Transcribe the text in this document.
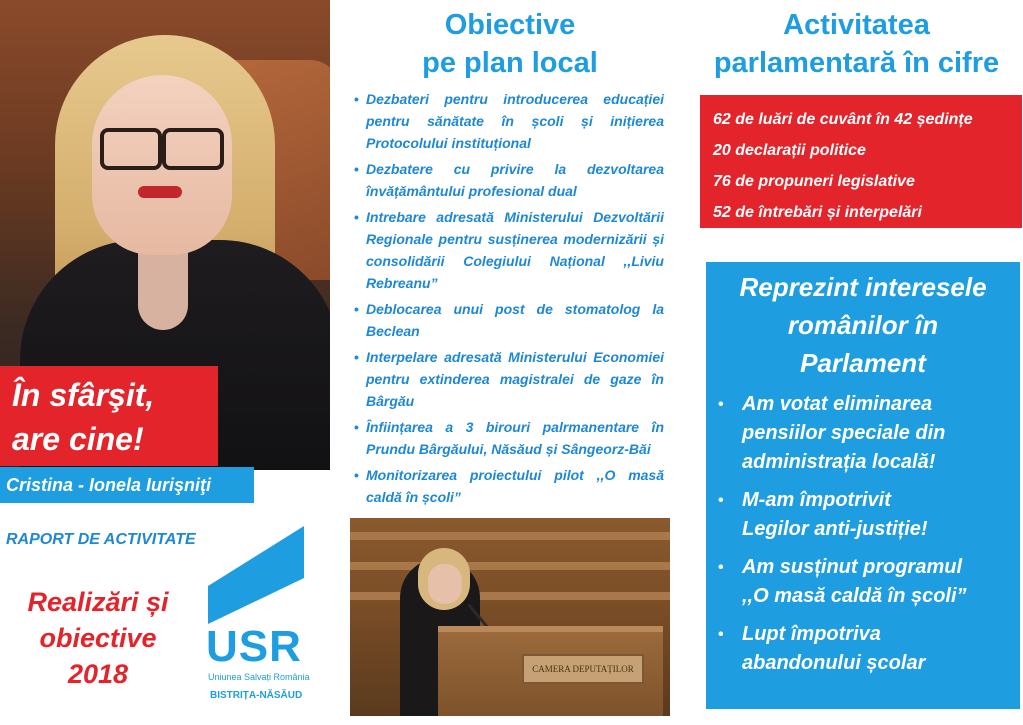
În sfârşit,
are cine!
Cristina - Ionela Iurişniţi
RAPORT DE ACTIVITATE
Realizări și
obiective
2018
USR
Uniunea Salvați România
BISTRIȚA-NĂSĂUD
Obiective
pe plan local
• Dezbateri pentru introducerea educației pentru sănătate în școli și inițierea Protocolului instituțional
• Dezbatere cu privire la dezvoltarea învățământului profesional dual
• Intrebare adresată Ministerului Dezvoltării Regionale pentru susținerea modernizării și consolidării Colegiului Național ,,Liviu Rebreanu”
• Deblocarea unui post de stomatolog la Beclean
• Interpelare adresată Ministerului Economiei pentru extinderea magistralei de gaze în Bârgău
• Înființarea a 3 birouri palrmanentare în Prundu Bârgăului, Năsăud și Sângeorz-Băi
• Monitorizarea proiectului pilot ,,O masă caldă în școli”
CAMERA DEPUTAȚILOR
Activitatea
parlamentară în cifre
62 de luări de cuvânt în 42 ședințe
20 declarații politice
76 de propuneri legislative
52 de întrebări și interpelări
Reprezint interesele
românilor în
Parlament
• Am votat eliminarea
pensiilor speciale din
administrația locală!
• M-am împotrivit
Legilor anti-justiție!
• Am susținut programul
,,O masă caldă în școli”
• Lupt împotriva
abandonului școlar
